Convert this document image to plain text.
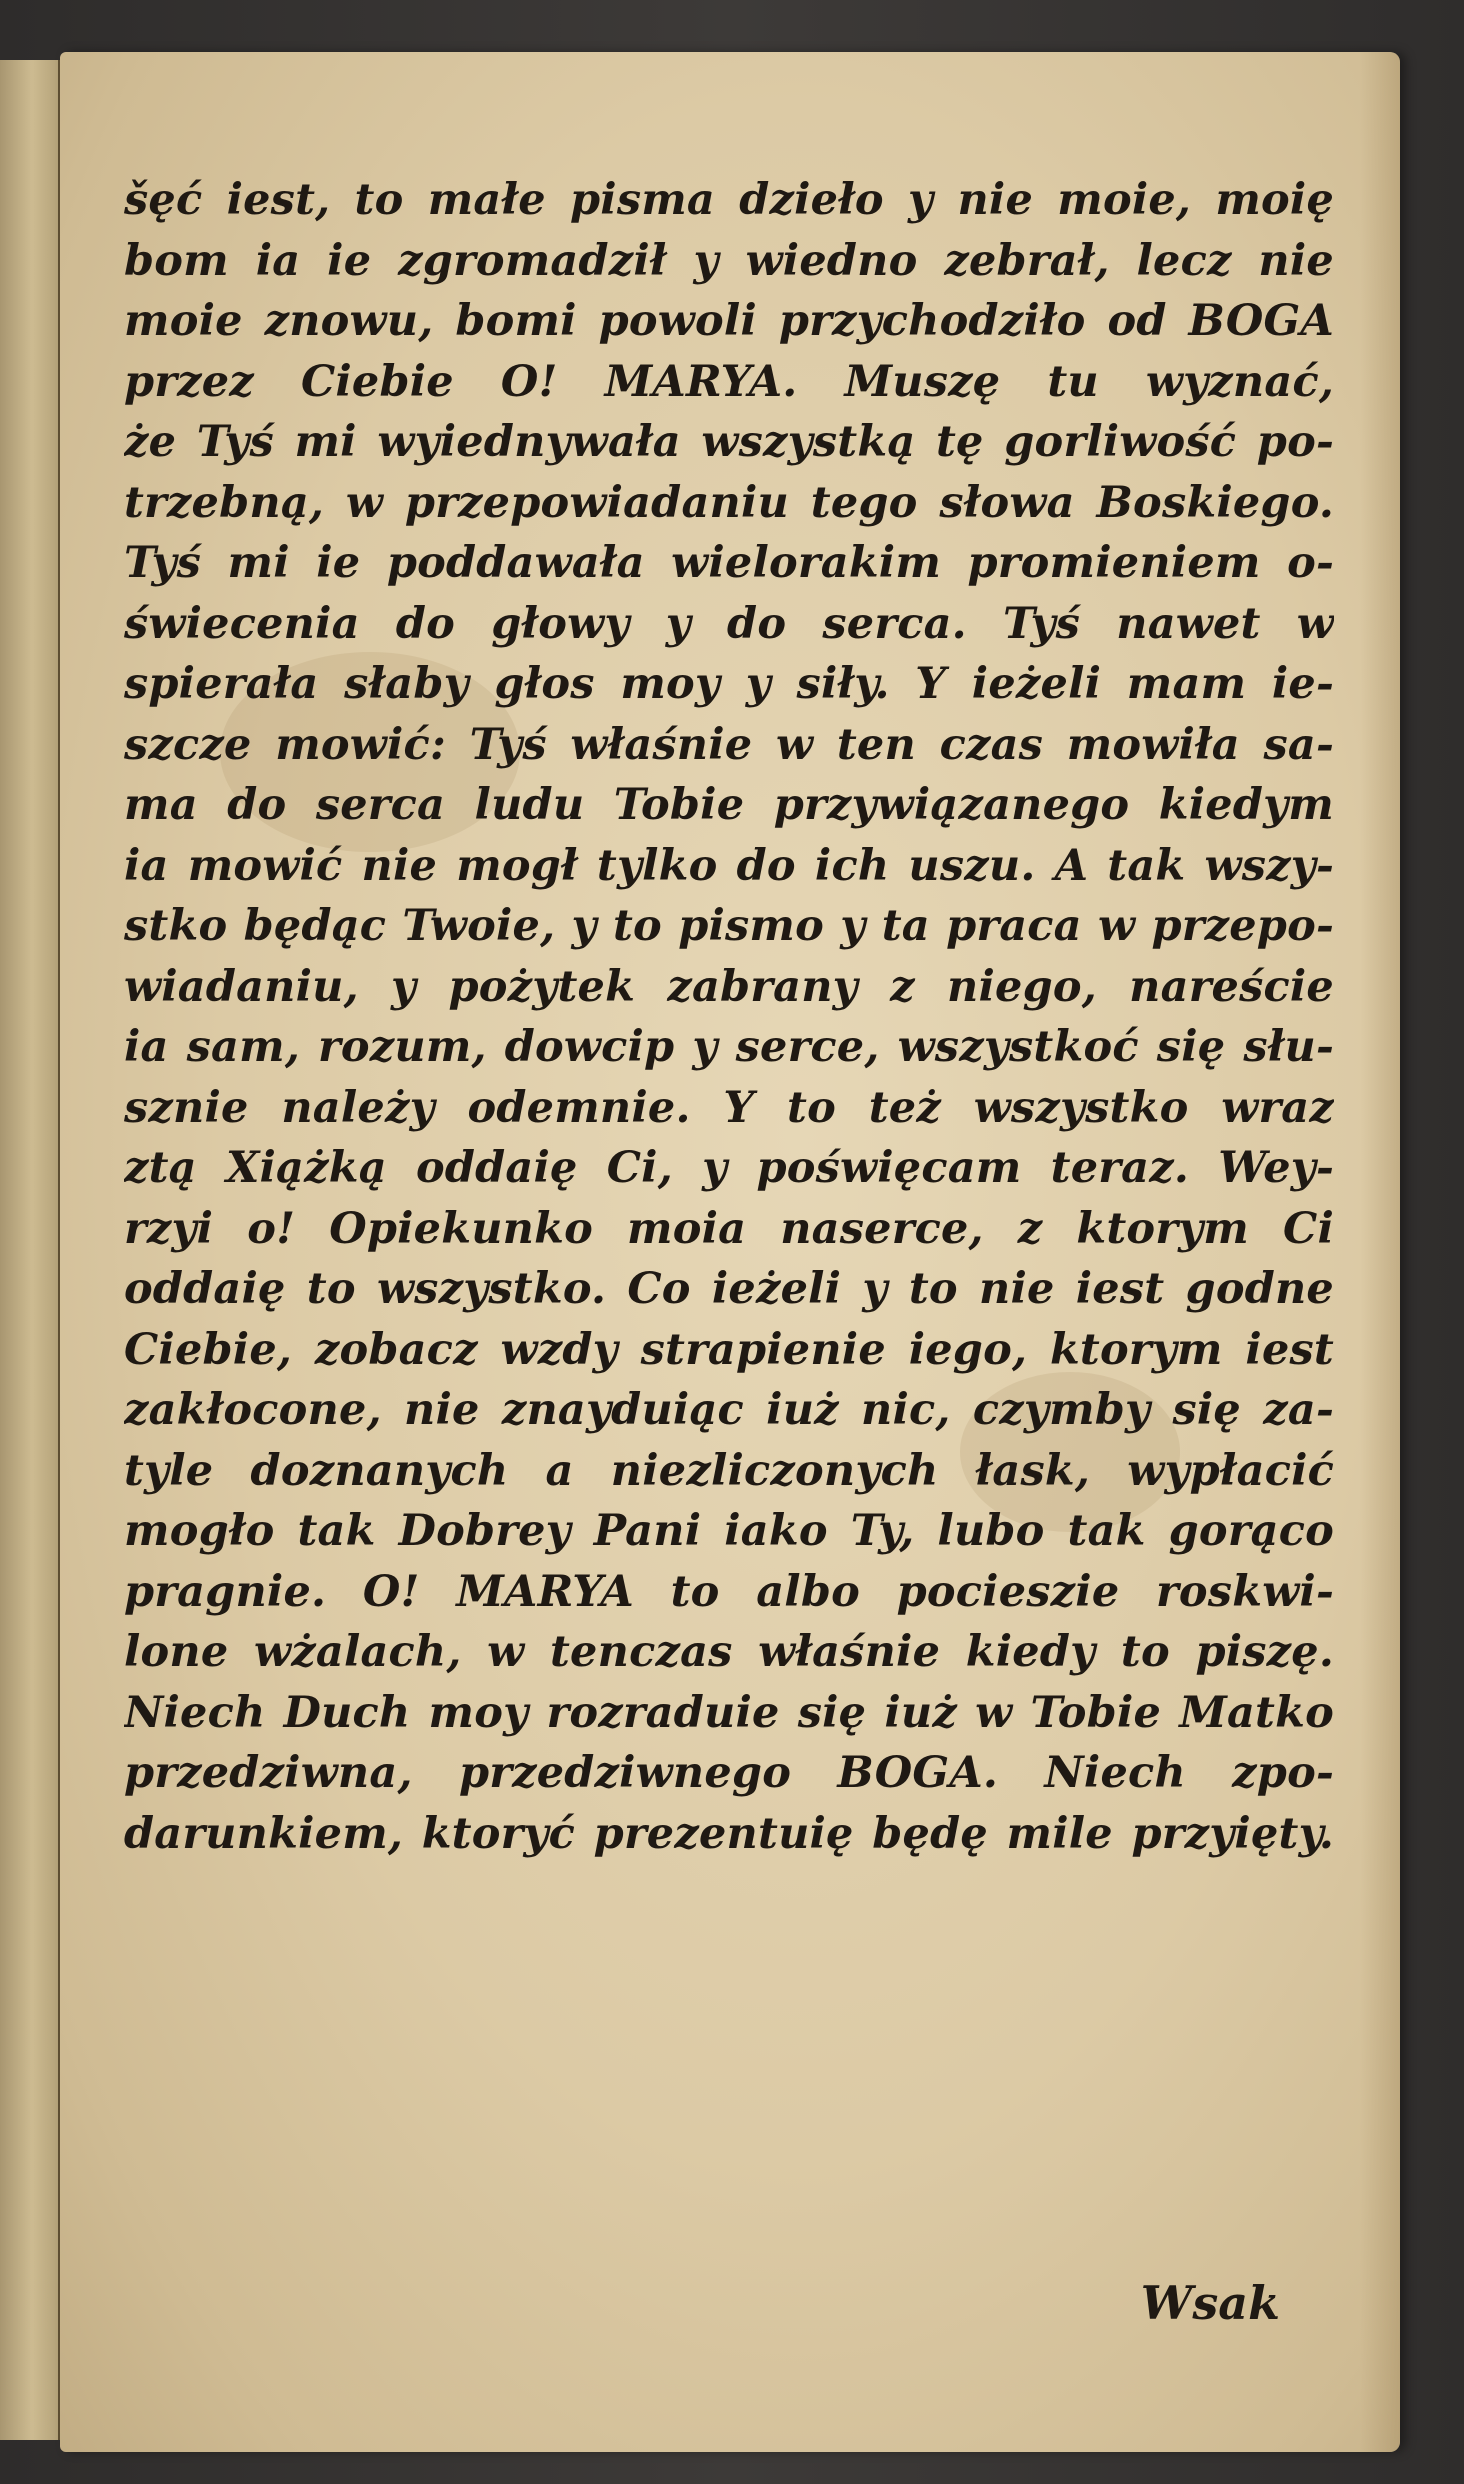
šęć iest, to małe pisma dzieło y nie moie, moię
bom ia ie zgromadził y wiedno zebrał, lecz nie
moie znowu, bomi powoli przychodziło od BOGA
przez Ciebie O! MARYA. Muszę tu wyznać,
że Tyś mi wyiednywała wszystką tę gorliwość po-
trzebną, w przepowiadaniu tego słowa Boskiego.
Tyś mi ie poddawała wielorakim promieniem o-
świecenia do głowy y do serca. Tyś nawet w
spierała słaby głos moy y siły. Y ieżeli mam ie-
szcze mowić: Tyś właśnie w ten czas mowiła sa-
ma do serca ludu Tobie przywiązanego kiedym
ia mowić nie mogł tylko do ich uszu. A tak wszy-
stko będąc Twoie, y to pismo y ta praca w przepo-
wiadaniu, y pożytek zabrany z niego, nareście
ia sam, rozum, dowcip y serce, wszystkoć się słu-
sznie należy odemnie. Y to też wszystko wraz
ztą Xiążką oddaię Ci, y poświęcam teraz. Wey-
rzyi o! Opiekunko moia naserce, z ktorym Ci
oddaię to wszystko. Co ieżeli y to nie iest godne
Ciebie, zobacz wzdy strapienie iego, ktorym iest
zakłocone, nie znayduiąc iuż nic, czymby się za-
tyle doznanych a niezliczonych łask, wypłacić
mogło tak Dobrey Pani iako Ty, lubo tak gorąco
pragnie. O! MARYA to albo pocieszie roskwi-
lone wżalach, w tenczas właśnie kiedy to piszę.
Niech Duch moy rozraduie się iuż w Tobie Matko
przedziwna, przedziwnego BOGA. Niech zpo-
darunkiem, ktoryć prezentuię będę mile przyięty.
Wsak
